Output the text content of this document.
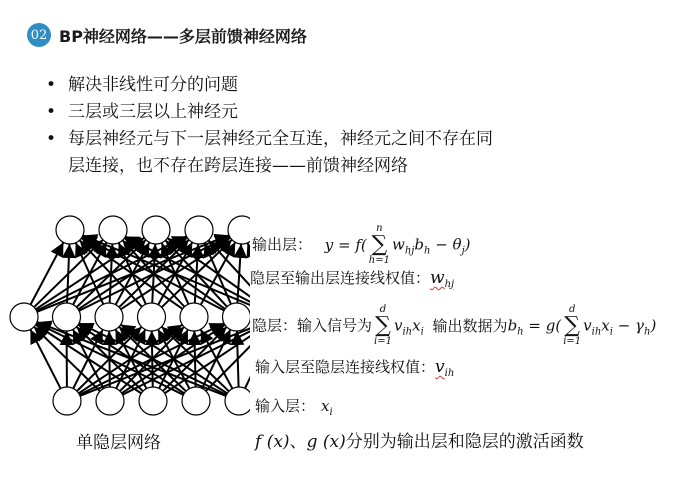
02 BP神经网络——多层前馈神经网络
• 解决非线性可分的问题
• 三层或三层以上神经元
• 每层神经元与下一层神经元全互连，神经元之间不存在同
层连接，也不存在跨层连接——前馈神经网络
单隐层网络
输出层： y = f(
n
∑
h=1
$w_{hj}b_h - \theta_j$)
隐层至输出层连接线权值：$w_{hj}$
隐层：输入信号为
d
∑
i=1
$v_{ih}x_i$ 输出数据为$b_h = g$(
d
∑
i=1
$v_{ih}x_i - \gamma_h$)
输入层至隐层连接线权值：$v_{ih}$
输入层： $x_i$
f (x)、g (x)分别为输出层和隐层的激活函数
